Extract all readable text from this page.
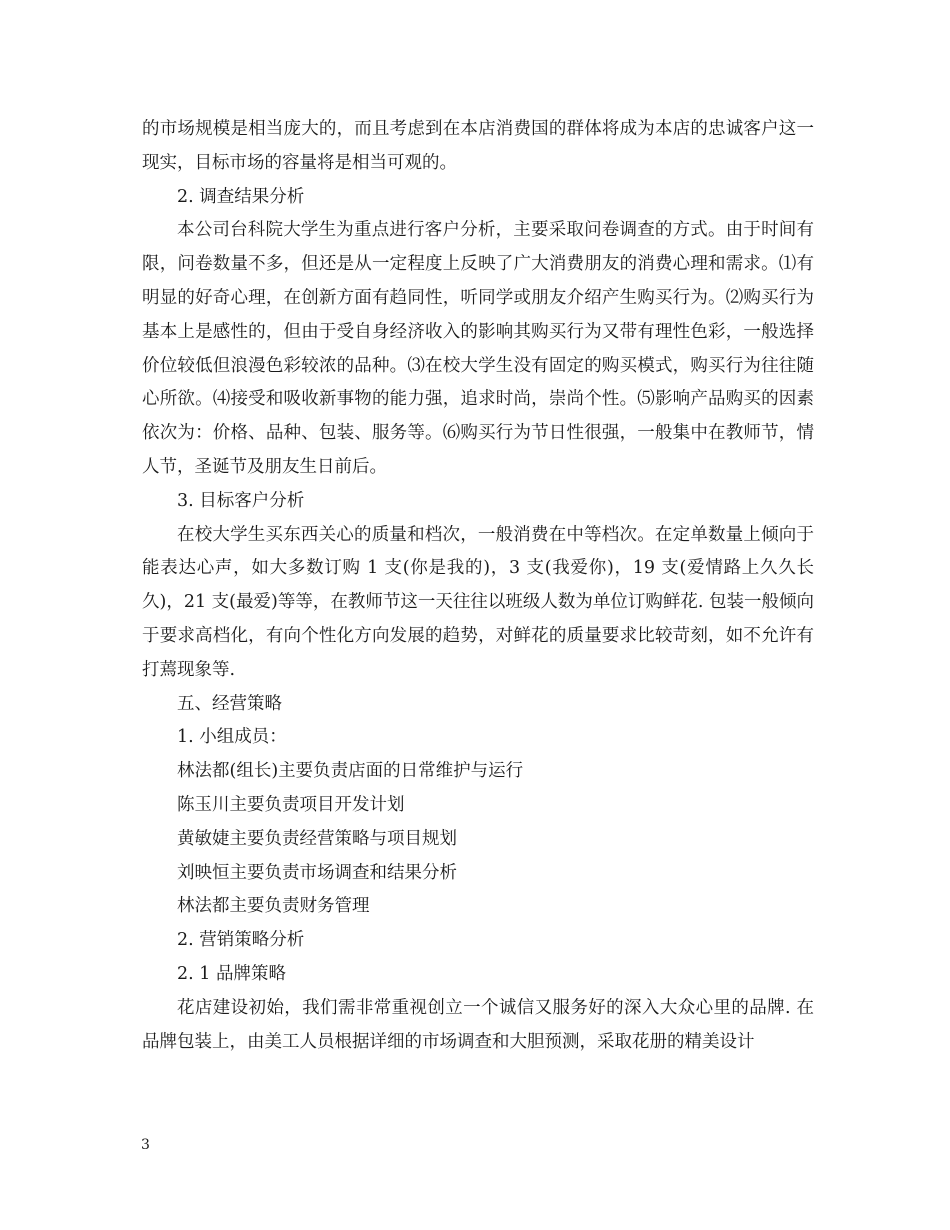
的市场规模是相当庞大的，而且考虑到在本店消费国的群体将成为本店的忠诚客户这一现实，目标市场的容量将是相当可观的。

2. 调查结果分析

本公司台科院大学生为重点进行客户分析，主要采取问卷调查的方式。由于时间有限，问卷数量不多，但还是从一定程度上反映了广大消费朋友的消费心理和需求。⑴有明显的好奇心理，在创新方面有趋同性，听同学或朋友介绍产生购买行为。⑵购买行为基本上是感性的，但由于受自身经济收入的影响其购买行为又带有理性色彩，一般选择价位较低但浪漫色彩较浓的品种。⑶在校大学生没有固定的购买模式，购买行为往往随心所欲。⑷接受和吸收新事物的能力强，追求时尚，崇尚个性。⑸影响产品购买的因素依次为：价格、品种、包装、服务等。⑹购买行为节日性很强，一般集中在教师节，情人节，圣诞节及朋友生日前后。

3. 目标客户分析

在校大学生买东西关心的质量和档次，一般消费在中等档次。在定单数量上倾向于能表达心声，如大多数订购 1 支(你是我的)，3 支(我爱你)，19 支(爱情路上久久长久)，21 支(最爱)等等，在教师节这一天往往以班级人数为单位订购鲜花. 包装一般倾向于要求高档化，有向个性化方向发展的趋势，对鲜花的质量要求比较苛刻，如不允许有打蔫现象等.

五、经营策略

1. 小组成员：

林法都(组长)主要负责店面的日常维护与运行

陈玉川主要负责项目开发计划

黄敏婕主要负责经营策略与项目规划

刘映恒主要负责市场调查和结果分析

林法都主要负责财务管理

2. 营销策略分析

2. 1 品牌策略

花店建设初始，我们需非常重视创立一个诚信又服务好的深入大众心里的品牌. 在品牌包装上，由美工人员根据详细的市场调查和大胆预测，采取花册的精美设计

3
